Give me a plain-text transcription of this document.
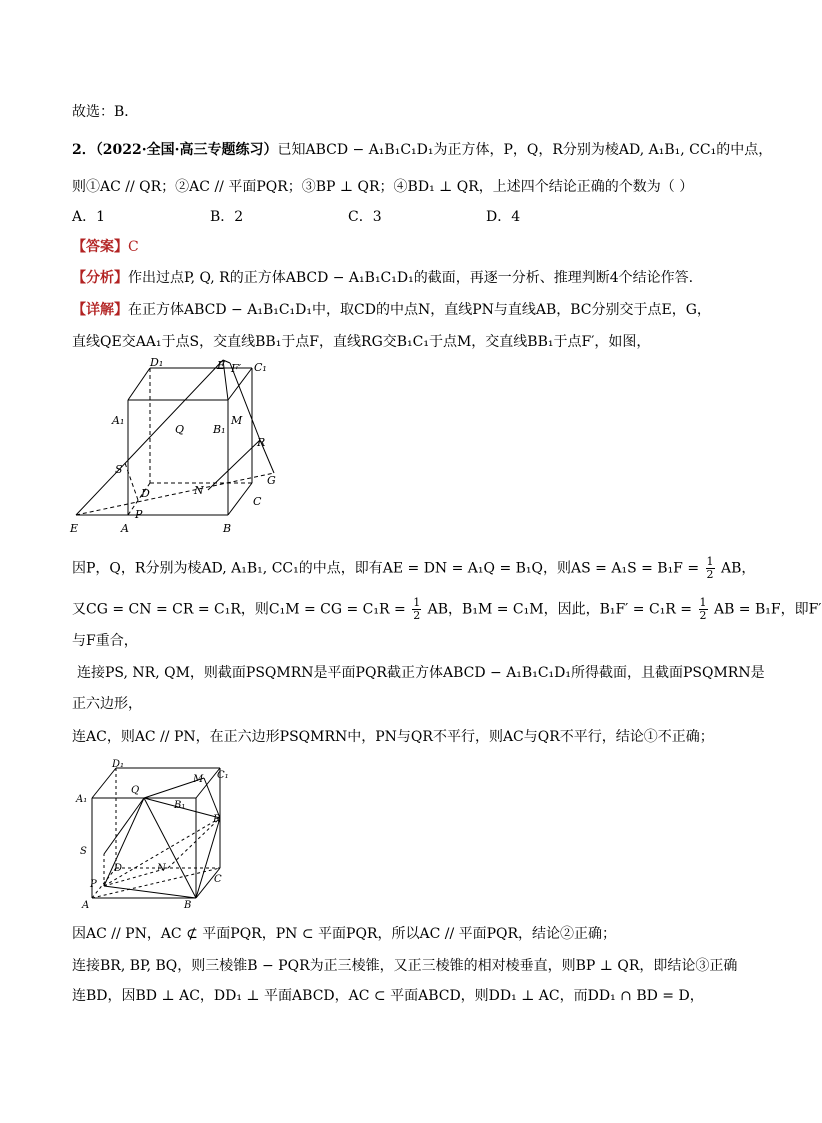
故选：B．
2．（2022·全国·高三专题练习）已知ABCD − A₁B₁C₁D₁为正方体，P，Q，R分别为棱AD, A₁B₁, CC₁的中点，
则①AC // QR；②AC // 平面PQR；③BP ⊥ QR；④BD₁ ⊥ QR，上述四个结论正确的个数为（ ）
A．1	B．2	C．3	D．4
【答案】C
【分析】作出过点P, Q, R的正方体ABCD − A₁B₁C₁D₁的截面，再逐一分析、推理判断4个结论作答.
【详解】在正方体ABCD − A₁B₁C₁D₁中，取CD的中点N，直线PN与直线AB，BC分别交于点E，G，
直线QE交AA₁于点S，交直线BB₁于点F，直线RG交B₁C₁于点M，交直线BB₁于点F′，如图，
E F′
D₁	C₁
A₁
Q	B₁
M
R
S
D	N
G
C
P
E	A	B
因P，Q，R分别为棱AD, A₁B₁, CC₁的中点，即有AE = DN = A₁Q = B₁Q，则AS = $A_1S = B_1F = \frac{1}{2}$ AB，
又CG = CN = CR = C₁R，则C₁M = CG = $C_1R = \frac{1}{2}$ AB，B₁M = C₁M，因此，$B_1F' = C_1R = \frac{1}{2}$ AB = B₁F，即F′
与F重合，
连接PS, NR, QM，则截面PSQMRN是平面PQR截正方体ABCD − A₁B₁C₁D₁所得截面，且截面PSQMRN是
正六边形，
连AC，则AC // PN，在正六边形PSQMRN中，PN与QR不平行，则AC与QR不平行，结论①不正确；
D₁
M C₁
A₁
Q
B₁
R
S
D	N
C
P
A	B
因AC // PN，AC ⊄ 平面PQR，PN ⊂ 平面PQR，所以AC // 平面PQR，结论②正确；
连接BR, BP, BQ，则三棱锥B − PQR为正三棱锥，又正三棱锥的相对棱垂直，则BP ⊥ QR，即结论③正确
连BD，因BD ⊥ AC，DD₁ ⊥ 平面ABCD，AC ⊂ 平面ABCD，则DD₁ ⊥ AC，而DD₁ ∩ BD = D，
